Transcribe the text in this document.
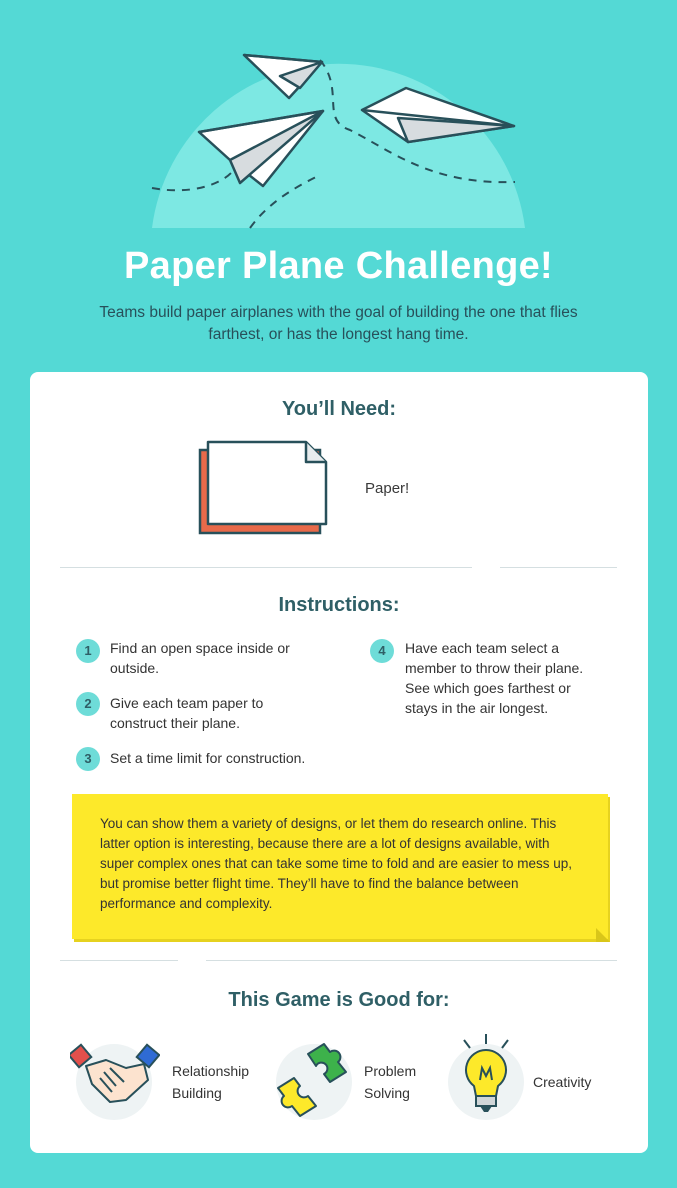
Paper Plane Challenge!
Teams build paper airplanes with the goal of building the one that flies farthest, or has the longest hang time.
You’ll Need:
Paper!
Instructions:
1	Find an open space inside or outside.
2	Give each team paper to construct their plane.
3	Set a time limit for construction.
4	Have each team select a member to throw their plane. See which goes farthest or stays in the air longest.
You can show them a variety of designs, or let them do research online. This latter option is interesting, because there are a lot of designs available, with super complex ones that can take some time to fold and are easier to mess up, but promise better flight time. They’ll have to find the balance between performance and complexity.
This Game is Good for:
Relationship Building
Problem Solving
Creativity
